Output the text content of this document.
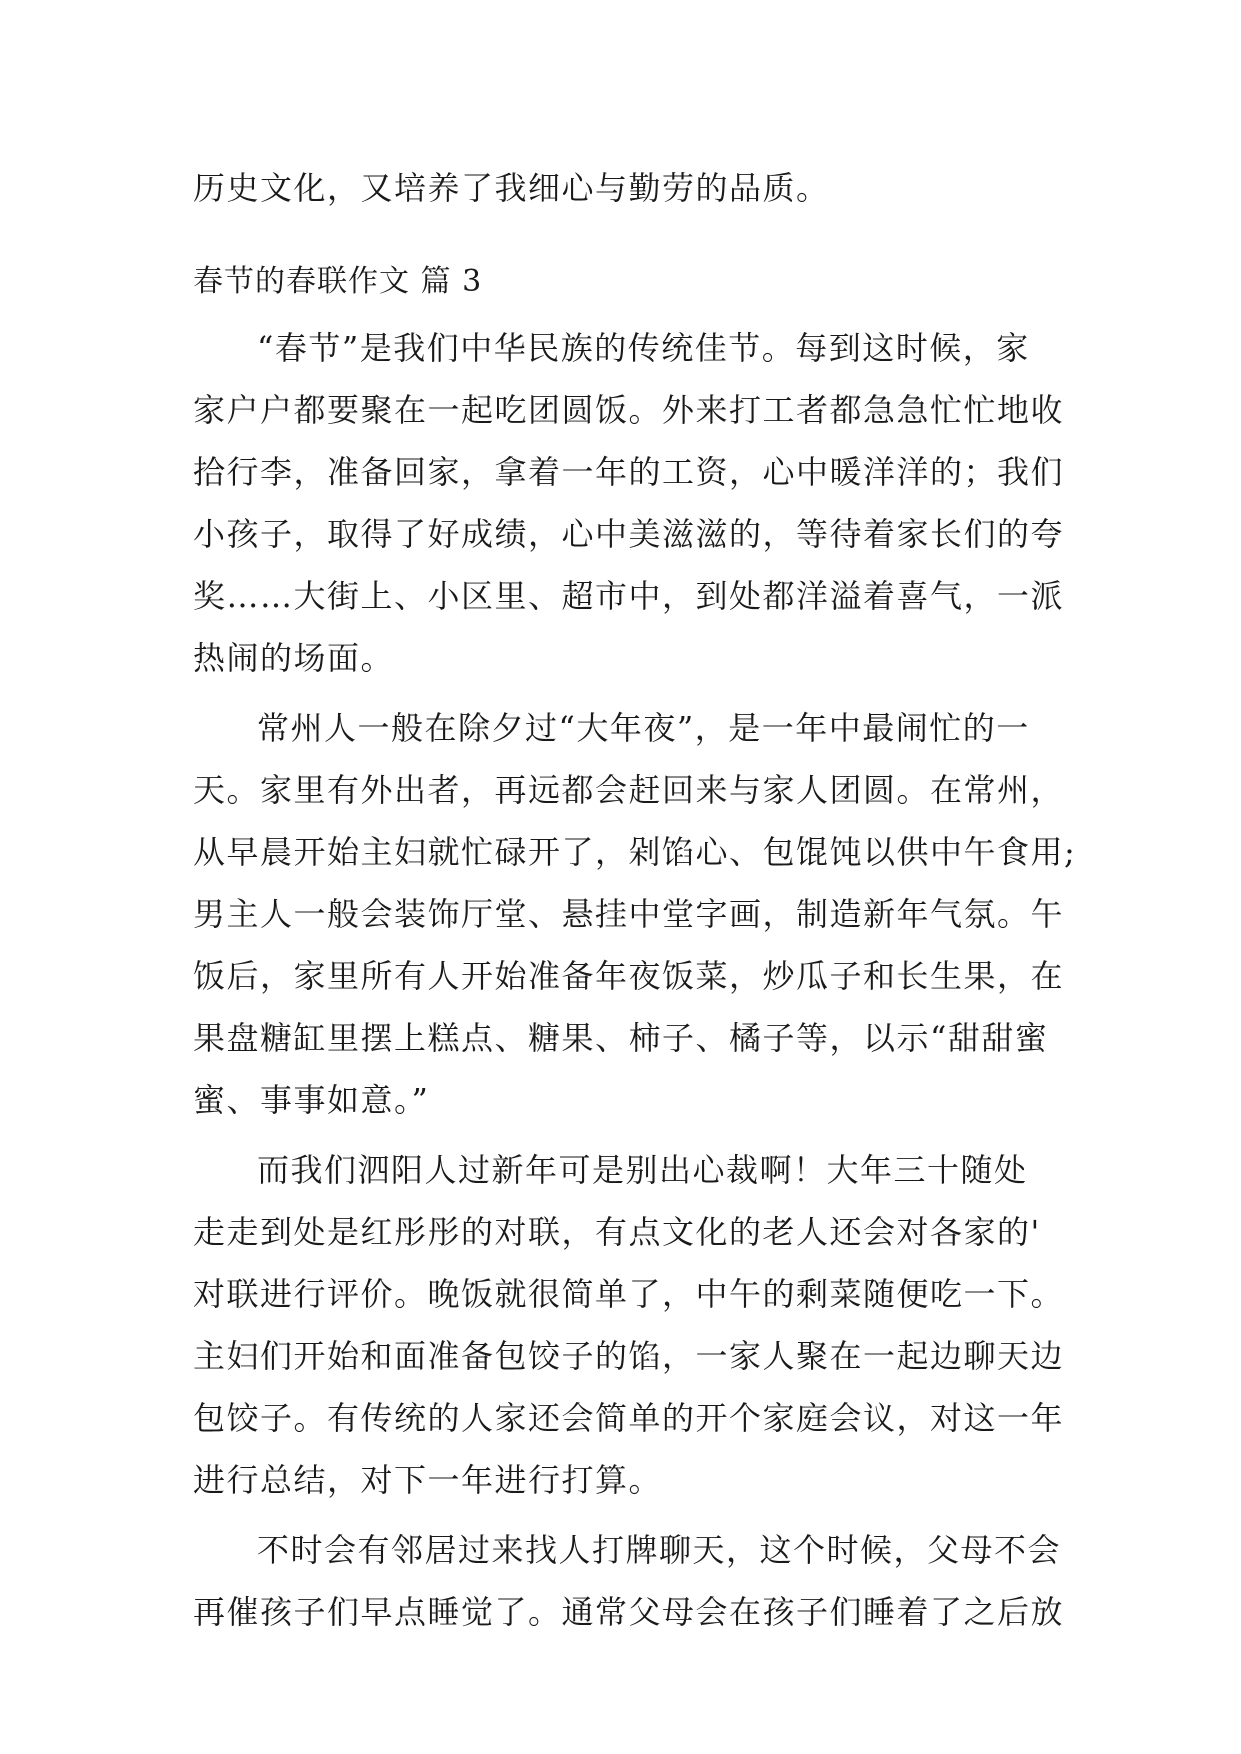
历史文化，又培养了我细心与勤劳的品质。
春节的春联作文 篇 3
“春节”是我们中华民族的传统佳节。每到这时候，家
家户户都要聚在一起吃团圆饭。外来打工者都急急忙忙地收
拾行李，准备回家，拿着一年的工资，心中暖洋洋的；我们
小孩子，取得了好成绩，心中美滋滋的，等待着家长们的夸
奖……大街上、小区里、超市中，到处都洋溢着喜气，一派
热闹的场面。
常州人一般在除夕过“大年夜”，是一年中最闹忙的一
天。家里有外出者，再远都会赶回来与家人团圆。在常州，
从早晨开始主妇就忙碌开了，剁馅心、包馄饨以供中午食用;
男主人一般会装饰厅堂、悬挂中堂字画，制造新年气氛。午
饭后，家里所有人开始准备年夜饭菜，炒瓜子和长生果，在
果盘糖缸里摆上糕点、糖果、柿子、橘子等，以示“甜甜蜜
蜜、事事如意。”
而我们泗阳人过新年可是别出心裁啊！大年三十随处
走走到处是红彤彤的对联，有点文化的老人还会对各家的'
对联进行评价。晚饭就很简单了，中午的剩菜随便吃一下。
主妇们开始和面准备包饺子的馅，一家人聚在一起边聊天边
包饺子。有传统的人家还会简单的开个家庭会议，对这一年
进行总结，对下一年进行打算。
不时会有邻居过来找人打牌聊天，这个时候，父母不会
再催孩子们早点睡觉了。通常父母会在孩子们睡着了之后放
